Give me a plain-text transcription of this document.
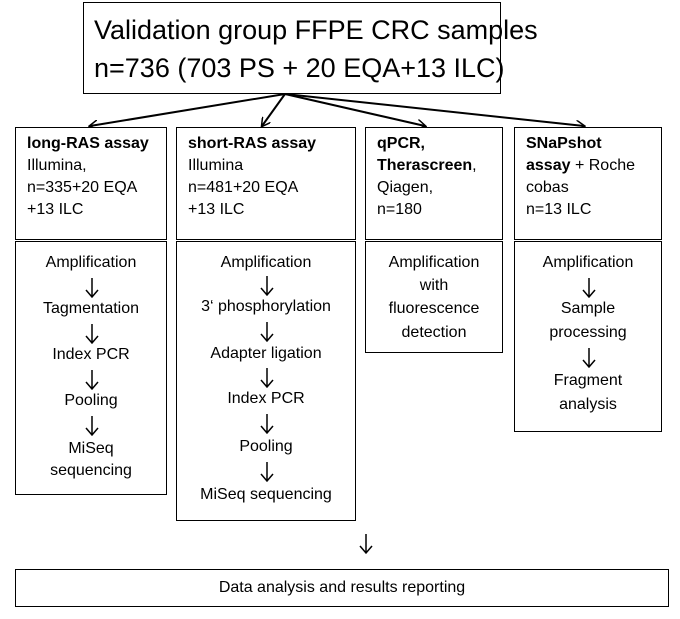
Validation group FFPE CRC samples
n=736 (703 PS + 20 EQA+13 ILC)
long-RAS assay
Illumina,
n=335+20 EQA
+13 ILC
short-RAS assay
Illumina
n=481+20 EQA
+13 ILC
qPCR,
Therascreen,
Qiagen,
n=180
SNaPshot
assay + Roche
cobas
n=13 ILC
Amplification
Tagmentation
Index PCR
Pooling
MiSeq
sequencing
Amplification
3‘ phosphorylation
Adapter ligation
Index PCR
Pooling
MiSeq sequencing
Amplification
with
fluorescence
detection
Amplification
Sample
processing
Fragment
analysis
Data analysis and results reporting
